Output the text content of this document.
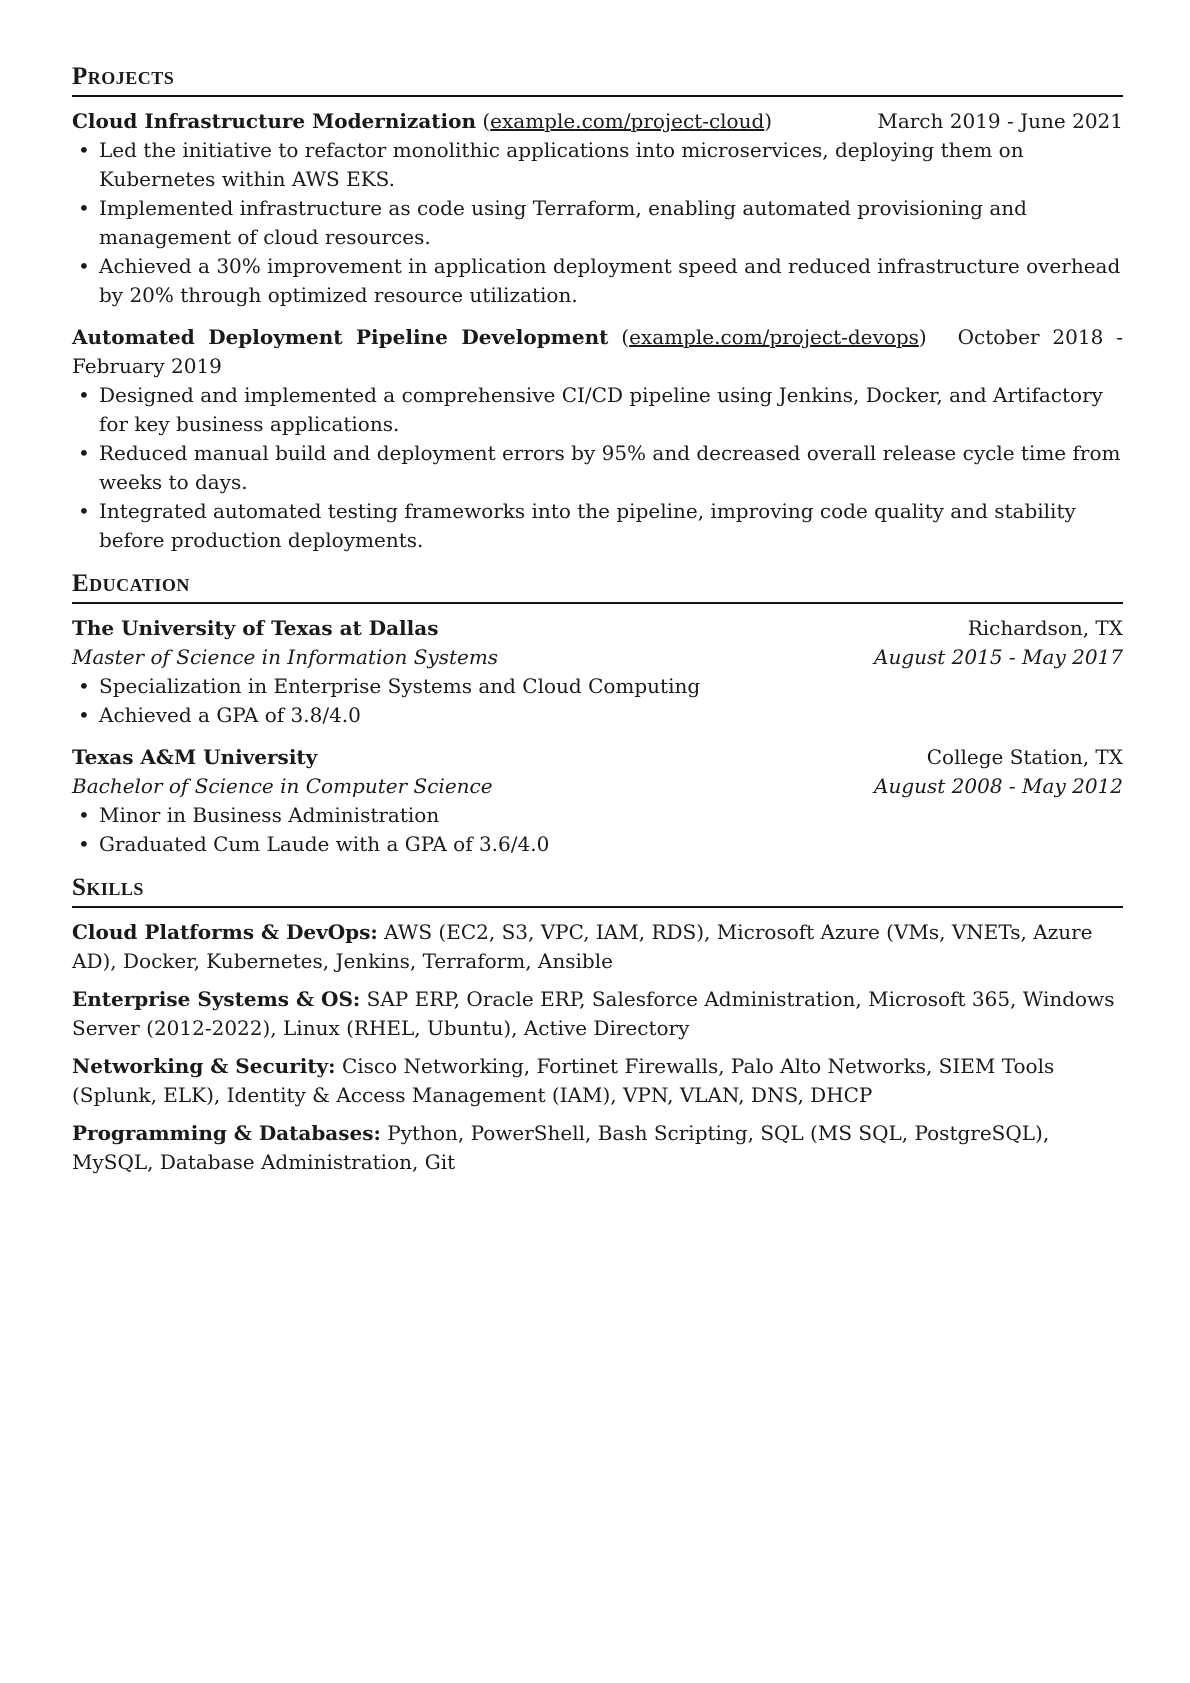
Projects
Cloud Infrastructure Modernization (example.com/project-cloud)	March 2019 - June 2021
• Led the initiative to refactor monolithic applications into microservices, deploying them on Kubernetes within AWS EKS.
• Implemented infrastructure as code using Terraform, enabling automated provisioning and management of cloud resources.
• Achieved a 30% improvement in application deployment speed and reduced infrastructure overhead by 20% through optimized resource utilization.
Automated Deployment Pipeline Development (example.com/project-devops) October 2018 - February 2019
• Designed and implemented a comprehensive CI/CD pipeline using Jenkins, Docker, and Artifactory for key business applications.
• Reduced manual build and deployment errors by 95% and decreased overall release cycle time from weeks to days.
• Integrated automated testing frameworks into the pipeline, improving code quality and stability before production deployments.
Education
The University of Texas at Dallas	Richardson, TX
Master of Science in Information Systems	August 2015 - May 2017
• Specialization in Enterprise Systems and Cloud Computing
• Achieved a GPA of 3.8/4.0
Texas A&M University	College Station, TX
Bachelor of Science in Computer Science	August 2008 - May 2012
• Minor in Business Administration
• Graduated Cum Laude with a GPA of 3.6/4.0
Skills
Cloud Platforms & DevOps: AWS (EC2, S3, VPC, IAM, RDS), Microsoft Azure (VMs, VNETs, Azure AD), Docker, Kubernetes, Jenkins, Terraform, Ansible
Enterprise Systems & OS: SAP ERP, Oracle ERP, Salesforce Administration, Microsoft 365, Windows Server (2012-2022), Linux (RHEL, Ubuntu), Active Directory
Networking & Security: Cisco Networking, Fortinet Firewalls, Palo Alto Networks, SIEM Tools (Splunk, ELK), Identity & Access Management (IAM), VPN, VLAN, DNS, DHCP
Programming & Databases: Python, PowerShell, Bash Scripting, SQL (MS SQL, PostgreSQL), MySQL, Database Administration, Git
